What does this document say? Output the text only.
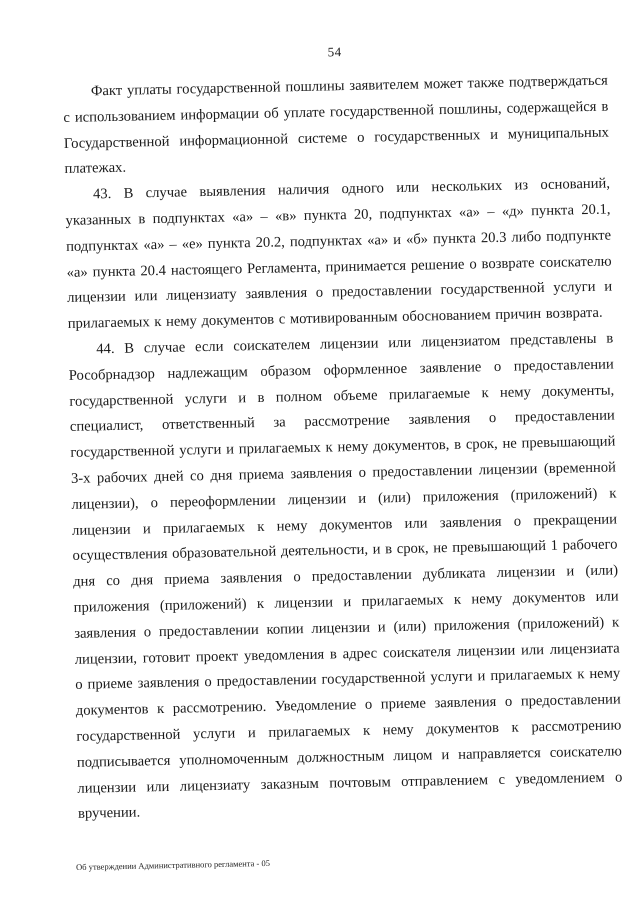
54

Факт уплаты государственной пошлины заявителем может также подтверждаться с использованием информации об уплате государственной пошлины, содержащейся в Государственной информационной системе о государственных и муниципальных платежах.

43. В случае выявления наличия одного или нескольких из оснований, указанных в подпунктах «а» – «в» пункта 20, подпунктах «а» – «д» пункта 20.1, подпунктах «а» – «е» пункта 20.2, подпунктах «а» и «б» пункта 20.3 либо подпункте «а» пункта 20.4 настоящего Регламента, принимается решение о возврате соискателю лицензии или лицензиату заявления о предоставлении государственной услуги и прилагаемых к нему документов с мотивированным обоснованием причин возврата.

44. В случае если соискателем лицензии или лицензиатом представлены в Рособрнадзор надлежащим образом оформленное заявление о предоставлении государственной услуги и в полном объеме прилагаемые к нему документы, специалист, ответственный за рассмотрение заявления о предоставлении государственной услуги и прилагаемых к нему документов, в срок, не превышающий 3-х рабочих дней со дня приема заявления о предоставлении лицензии (временной лицензии), о переоформлении лицензии и (или) приложения (приложений) к лицензии и прилагаемых к нему документов или заявления о прекращении осуществления образовательной деятельности, и в срок, не превышающий 1 рабочего дня со дня приема заявления о предоставлении дубликата лицензии и (или) приложения (приложений) к лицензии и прилагаемых к нему документов или заявления о предоставлении копии лицензии и (или) приложения (приложений) к лицензии, готовит проект уведомления в адрес соискателя лицензии или лицензиата о приеме заявления о предоставлении государственной услуги и прилагаемых к нему документов к рассмотрению. Уведомление о приеме заявления о предоставлении государственной услуги и прилагаемых к нему документов к рассмотрению подписывается уполномоченным должностным лицом и направляется соискателю лицензии или лицензиату заказным почтовым отправлением с уведомлением о вручении.

Об утверждении Административного регламента - 05
